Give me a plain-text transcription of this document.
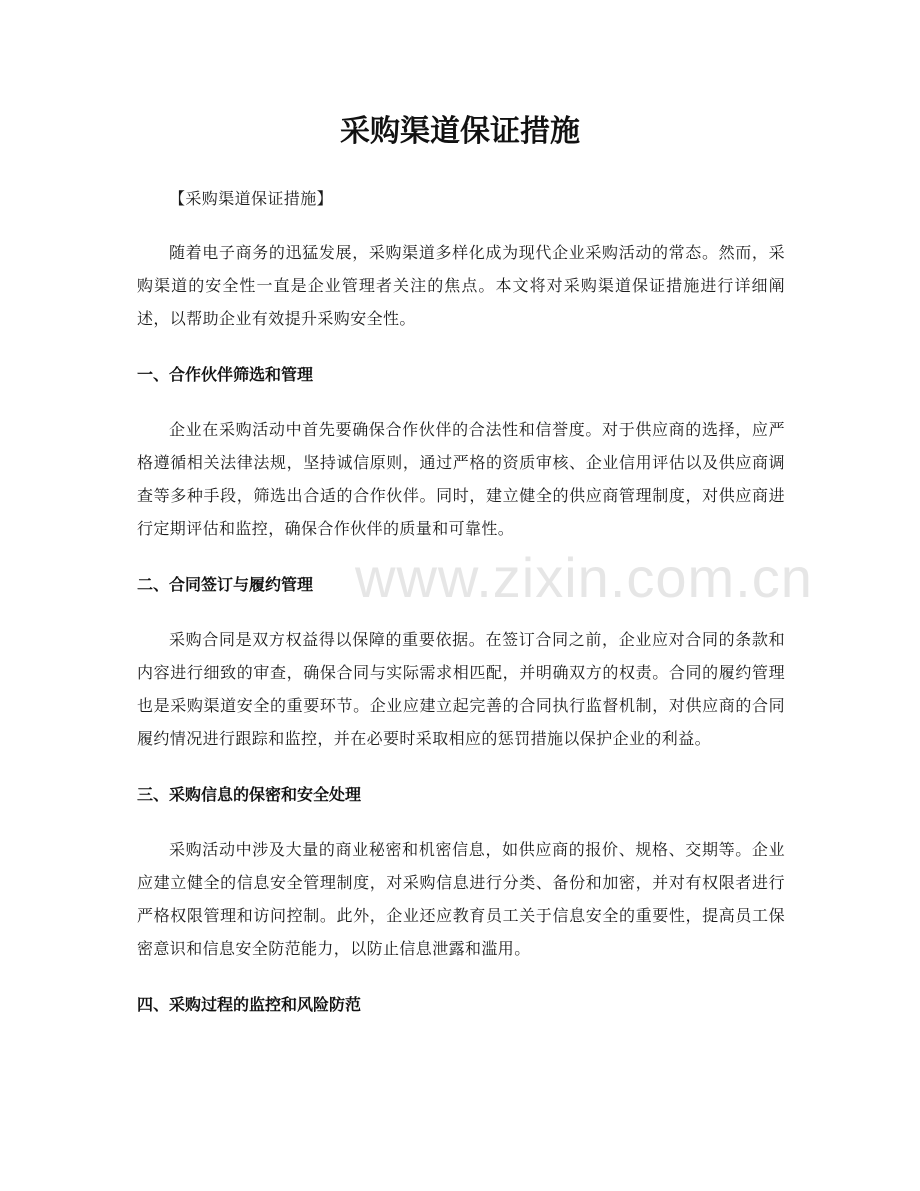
www.zixin.com.cn
采购渠道保证措施

【采购渠道保证措施】

随着电子商务的迅猛发展，采购渠道多样化成为现代企业采购活动的常态。然而，采购渠道的安全性一直是企业管理者关注的焦点。本文将对采购渠道保证措施进行详细阐述，以帮助企业有效提升采购安全性。

一、合作伙伴筛选和管理

企业在采购活动中首先要确保合作伙伴的合法性和信誉度。对于供应商的选择，应严格遵循相关法律法规，坚持诚信原则，通过严格的资质审核、企业信用评估以及供应商调查等多种手段，筛选出合适的合作伙伴。同时，建立健全的供应商管理制度，对供应商进行定期评估和监控，确保合作伙伴的质量和可靠性。

二、合同签订与履约管理

采购合同是双方权益得以保障的重要依据。在签订合同之前，企业应对合同的条款和内容进行细致的审查，确保合同与实际需求相匹配，并明确双方的权责。合同的履约管理也是采购渠道安全的重要环节。企业应建立起完善的合同执行监督机制，对供应商的合同履约情况进行跟踪和监控，并在必要时采取相应的惩罚措施以保护企业的利益。

三、采购信息的保密和安全处理

采购活动中涉及大量的商业秘密和机密信息，如供应商的报价、规格、交期等。企业应建立健全的信息安全管理制度，对采购信息进行分类、备份和加密，并对有权限者进行严格权限管理和访问控制。此外，企业还应教育员工关于信息安全的重要性，提高员工保密意识和信息安全防范能力，以防止信息泄露和滥用。

四、采购过程的监控和风险防范
